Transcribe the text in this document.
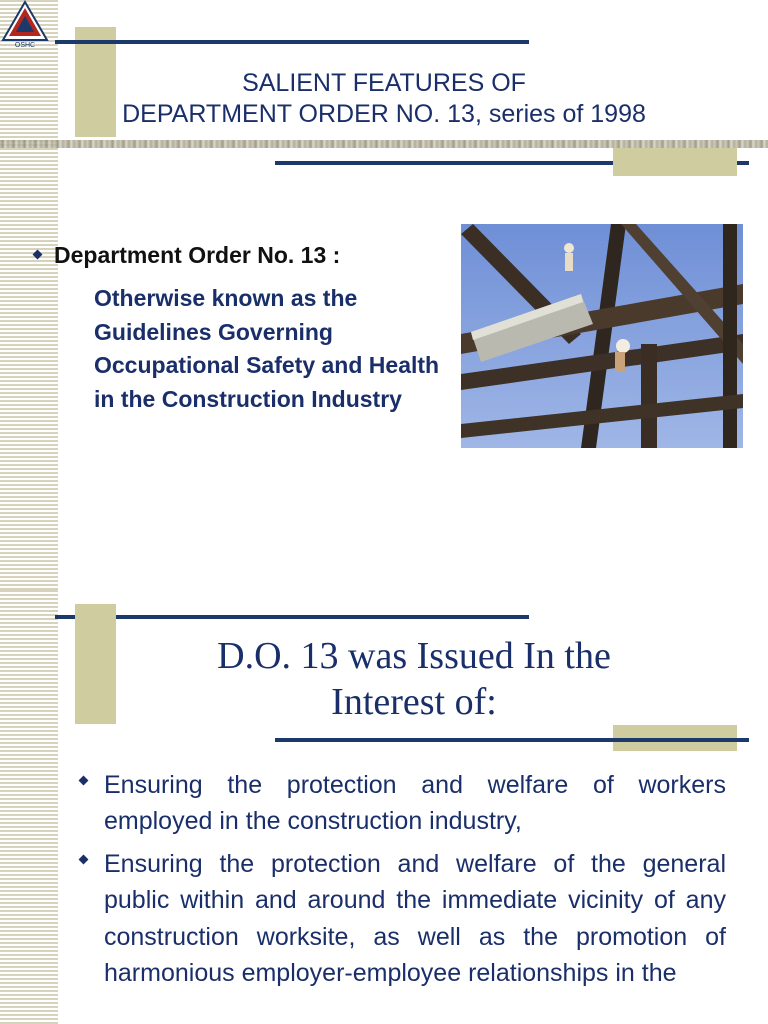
OSHC
SALIENT FEATURES OF
DEPARTMENT ORDER NO. 13, series of 1998
Department Order No. 13 :
Otherwise known as the Guidelines Governing Occupational Safety and Health in the Construction Industry
D.O. 13 was Issued In the
Interest of:
Ensuring the protection and welfare of workers employed in the construction industry,
Ensuring the protection and welfare of the general public within and around the immediate vicinity of any construction worksite, as well as the promotion of harmonious employer-employee relationships in the
